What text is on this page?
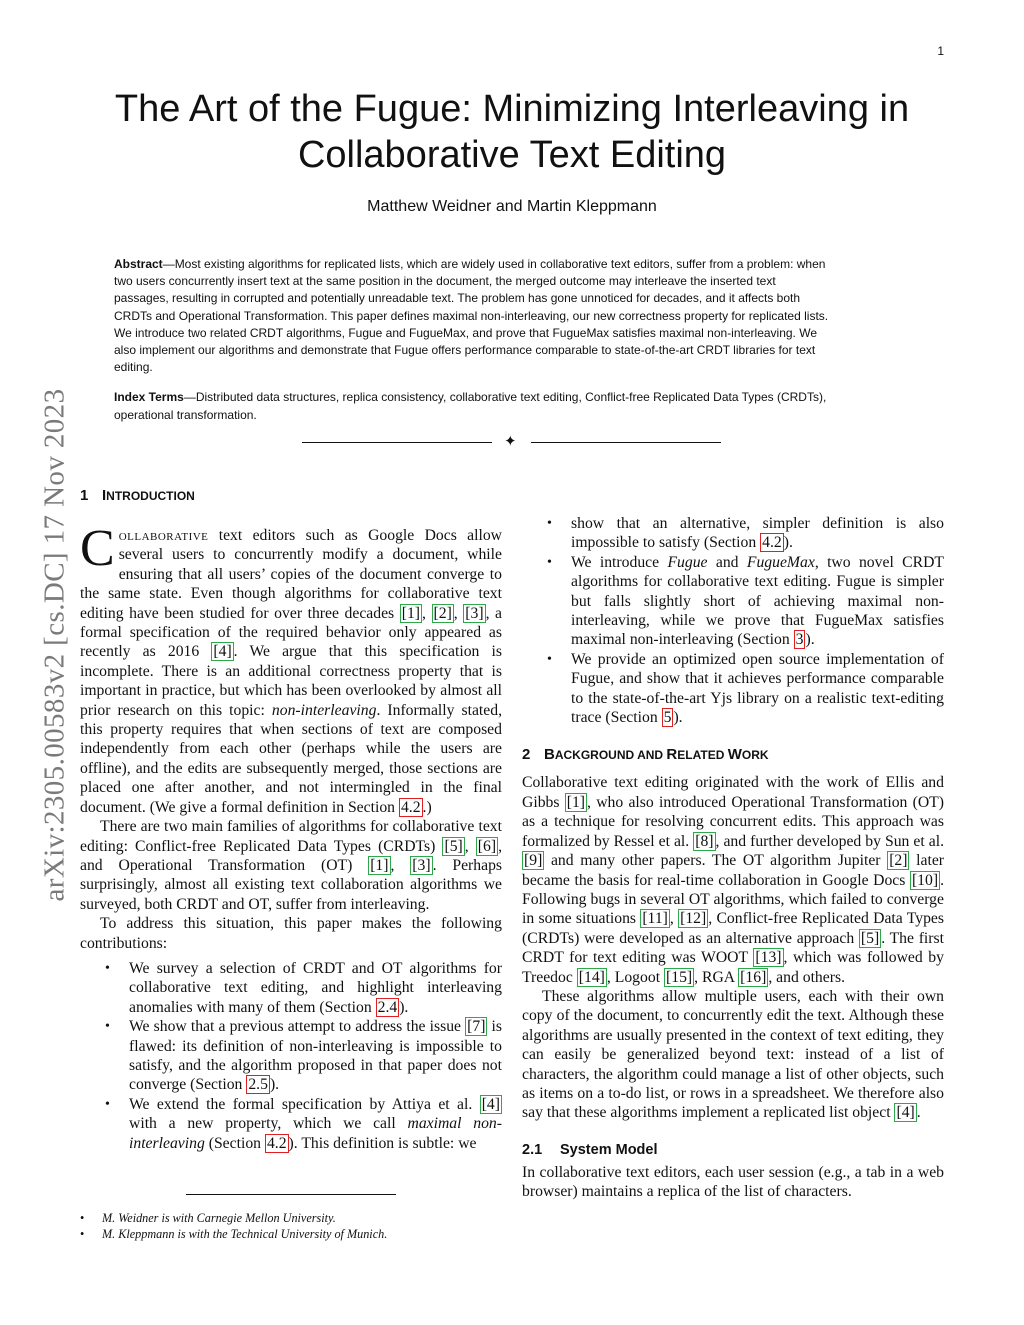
1
arXiv:2305.00583v2 [cs.DC] 17 Nov 2023
The Art of the Fugue: Minimizing Interleaving in
Collaborative Text Editing
Matthew Weidner and Martin Kleppmann
Abstract—Most existing algorithms for replicated lists, which are widely used in collaborative text editors, suffer from a problem: when
two users concurrently insert text at the same position in the document, the merged outcome may interleave the inserted text
passages, resulting in corrupted and potentially unreadable text. The problem has gone unnoticed for decades, and it affects both
CRDTs and Operational Transformation. This paper defines maximal non-interleaving, our new correctness property for replicated lists.
We introduce two related CRDT algorithms, Fugue and FugueMax, and prove that FugueMax satisfies maximal non-interleaving. We
also implement our algorithms and demonstrate that Fugue offers performance comparable to state-of-the-art CRDT libraries for text
editing.
Index Terms—Distributed data structures, replica consistency, collaborative text editing, Conflict-free Replicated Data Types (CRDTs),
operational transformation.
✦
1 INTRODUCTION
Collaborative text editors such as Google Docs allow several users to concurrently modify a document, while ensuring that all users’ copies of the document converge to the same state. Even though algorithms for collaborative text editing have been studied for over three decades [1] , [2] , [3] , a formal specification of the required behavior only appeared as recently as 2016 [4] . We argue that this specification is incomplete. There is an additional correctness property that is important in practice, but which has been overlooked by almost all prior research on this topic: non-interleaving. Informally stated, this property requires that when sections of text are composed independently from each other (perhaps while the users are offline), and the edits are subsequently merged, those sections are placed one after another, and not intermingled in the final document. (We give a formal definition in Section 4.2 .)
There are two main families of algorithms for collaborative text editing: Conflict-free Replicated Data Types (CRDTs) [5] , [6] , and Operational Transformation (OT) [1] , [3] . Perhaps surprisingly, almost all existing text collaboration algorithms we surveyed, both CRDT and OT, suffer from interleaving.
To address this situation, this paper makes the following contributions:
• We survey a selection of CRDT and OT algorithms for collaborative text editing, and highlight interleaving anomalies with many of them (Section 2.4 ).
• We show that a previous attempt to address the issue [7] is flawed: its definition of non-interleaving is impossible to satisfy, and the algorithm proposed in that paper does not converge (Section 2.5 ).
• We extend the formal specification by Attiya et al. [4] with a new property, which we call maximal non-interleaving (Section 4.2 ). This definition is subtle: we
• M. Weidner is with Carnegie Mellon University.
• M. Kleppmann is with the Technical University of Munich.
• show that an alternative, simpler definition is also impossible to satisfy (Section 4.2 ).
• We introduce Fugue and FugueMax, two novel CRDT algorithms for collaborative text editing. Fugue is simpler but falls slightly short of achieving maximal non-interleaving, while we prove that FugueMax satisfies maximal non-interleaving (Section 3 ).
• We provide an optimized open source implementation of Fugue, and show that it achieves performance comparable to the state-of-the-art Yjs library on a realistic text-editing trace (Section 5 ).
2 BACKGROUND AND RELATED WORK
Collaborative text editing originated with the work of Ellis and Gibbs [1] , who also introduced Operational Transformation (OT) as a technique for resolving concurrent edits. This approach was formalized by Ressel et al. [8] , and further developed by Sun et al. [9] and many other papers. The OT algorithm Jupiter [2] later became the basis for real-time collaboration in Google Docs [10] . Following bugs in several OT algorithms, which failed to converge in some situations [11] , [12] , Conflict-free Replicated Data Types (CRDTs) were developed as an alternative approach [5] . The first CRDT for text editing was WOOT [13] , which was followed by Treedoc [14] , Logoot [15] , RGA [16] , and others.
These algorithms allow multiple users, each with their own copy of the document, to concurrently edit the text. Although these algorithms are usually presented in the context of text editing, they can easily be generalized beyond text: instead of a list of characters, the algorithm could manage a list of other objects, such as items on a to-do list, or rows in a spreadsheet. We therefore also say that these algorithms implement a replicated list object [4] .
2.1 System Model
In collaborative text editors, each user session (e.g., a tab in a web browser) maintains a replica of the list of characters.
